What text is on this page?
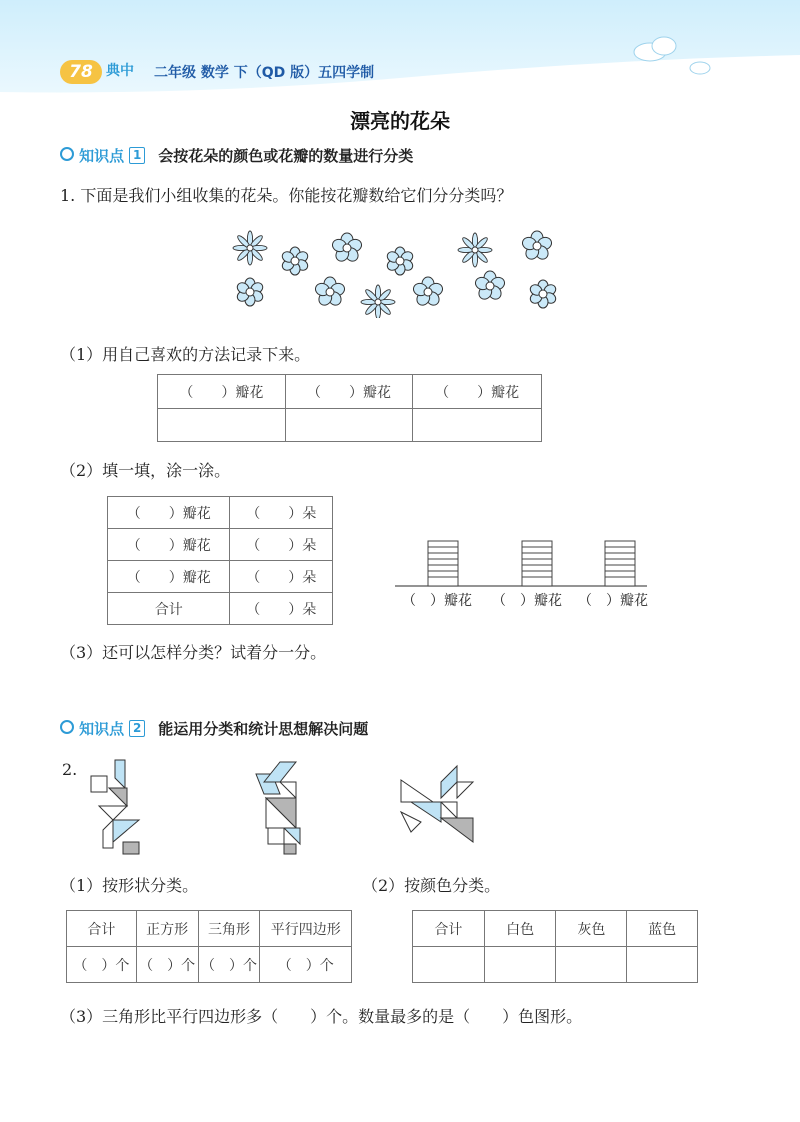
78 典中 二年级 数学 下（QD 版）五四学制
漂亮的花朵
知识点 1 会按花朵的颜色或花瓣的数量进行分类
1. 下面是我们小组收集的花朵。你能按花瓣数给它们分分类吗？
（1）用自己喜欢的方法记录下来。
（　　）瓣花	（　　）瓣花	（　　）瓣花

（2）填一填，涂一涂。
（　　）瓣花	（　　）朵
（　　）瓣花	（　　）朵
（　　）瓣花	（　　）朵
合计	（　　）朵
（　）瓣花 （　）瓣花 （　）瓣花
（3）还可以怎样分类？试着分一分。
知识点 2 能运用分类和统计思想解决问题
2.
（1）按形状分类。	（2）按颜色分类。
合计	正方形	三角形	平行四边形
（　）个	（　）个	（　）个	（　）个
合计	白色	灰色	蓝色

（3）三角形比平行四边形多（　　）个。数量最多的是（　　）色图形。
